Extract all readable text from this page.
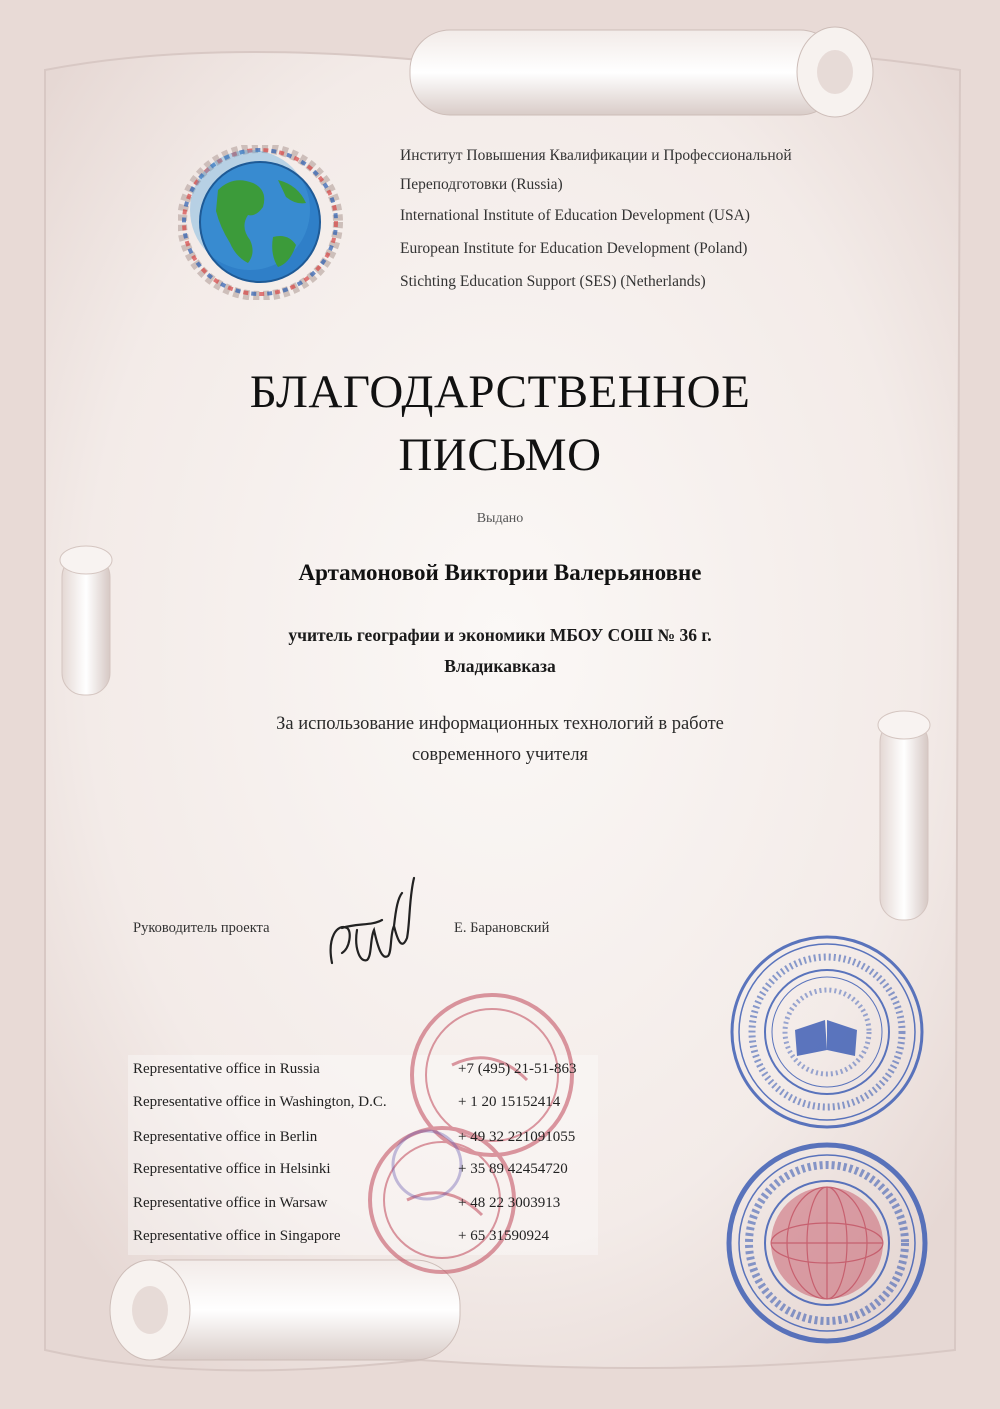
Институт Повышения Квалификации и Профессиональной
Переподготовки (Russia)
International Institute of Education Development (USA)
European Institute for Education Development (Poland)
Stichting Education Support (SES) (Netherlands)
БЛАГОДАРСТВЕННОЕ
ПИСЬМО
Выдано
Артамоновой Виктории Валерьяновне
учитель географии и экономики МБОУ СОШ № 36 г.
Владикавказа
За использование информационных технологий в работе
современного учителя
Руководитель проекта	Е. Барановский
Representative office in Russia	+7 (495) 21-51-863
Representative office in Washington, D.C.	+ 1 20 15152414
Representative office in Berlin	+ 49 32 221091055
Representative office in Helsinki	+ 35 89 42454720
Representative office in Warsaw	+ 48 22 3003913
Representative office in Singapore	+ 65 31590924
